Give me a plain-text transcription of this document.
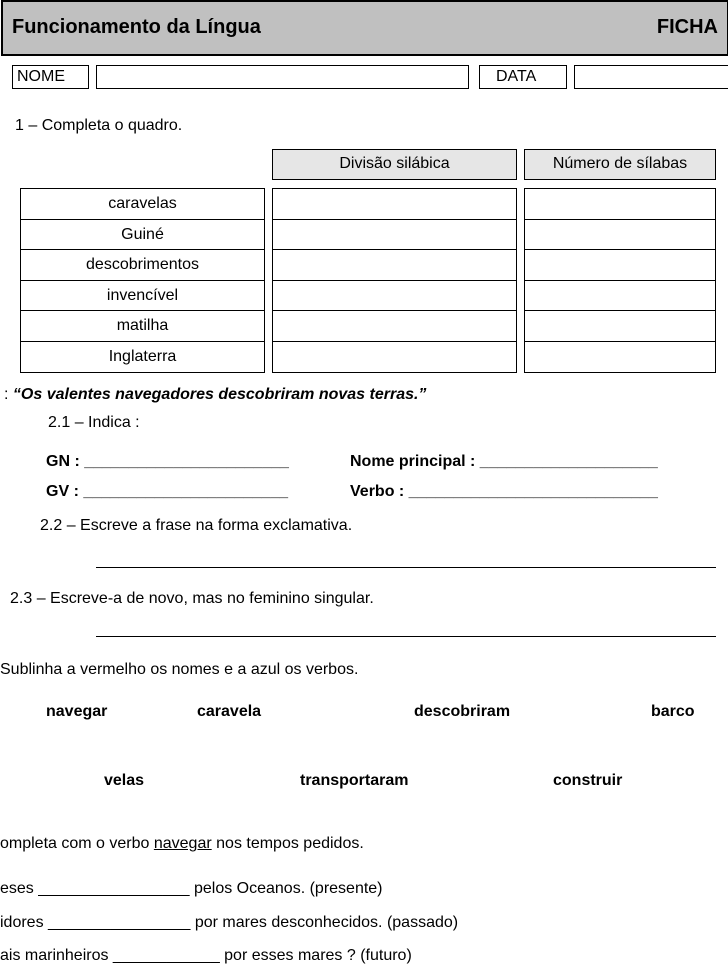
Funcionamento da Língua	FICHA
NOME	DATA
1 – Completa o quadro.
Divisão silábica	Número de sílabas
caravelas
Guiné
descobrimentos
invencível
matilha
Inglaterra
: “Os valentes navegadores descobriram novas terras.”
2.1 – Indica :
GN : _______________________	Nome principal : ____________________
GV : _______________________	Verbo : ____________________________
2.2 – Escreve a frase na forma exclamativa.
2.3 – Escreve-a de novo, mas no feminino singular.
Sublinha a vermelho os nomes e a azul os verbos.
navegar	caravela	descobriram	barco
velas	transportaram	construir
ompleta com o verbo navegar nos tempos pedidos.
eses _________________ pelos Oceanos. (presente)
idores ________________ por mares desconhecidos. (passado)
ais marinheiros ____________ por esses mares ? (futuro)
